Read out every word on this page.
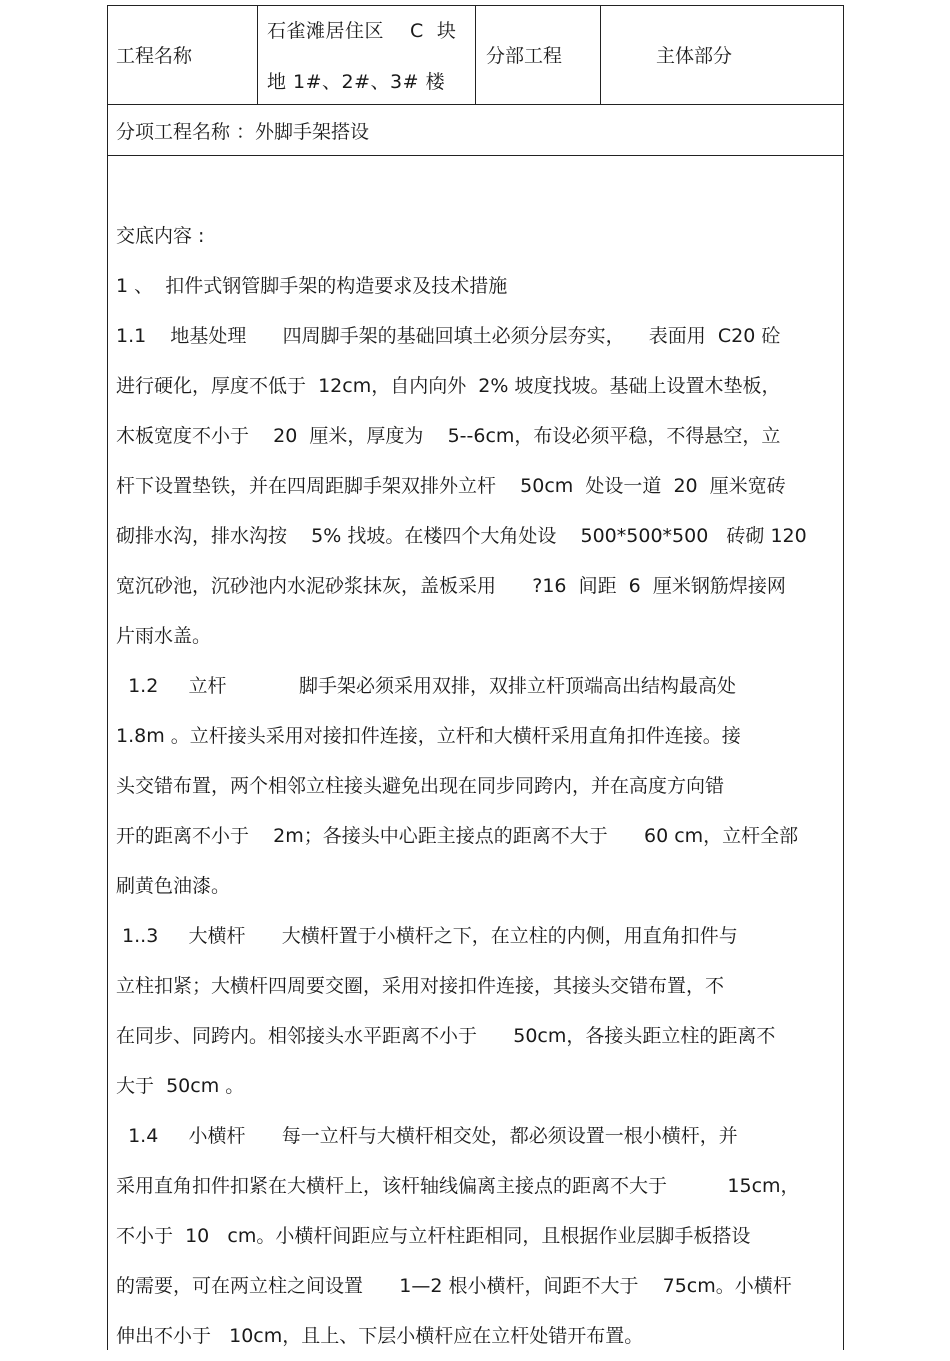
工程名称
石雀滩居住区　 C  块
地 1#、2#、3# 楼
分部工程	主体部分
分项工程名称 ：外脚手架搭设

交底内容 :

1 、  扣件式钢管脚手架的构造要求及技术措施

1.1    地基处理      四周脚手架的基础回填土必须分层夯实，    表面用  C20 砼

进行硬化，厚度不低于  12cm，自内向外  2% 坡度找坡。基础上设置木垫板，

木板宽度不小于    20  厘米，厚度为    5--6cm，布设必须平稳，不得悬空，立

杆下设置垫铁，并在四周距脚手架双排外立杆    50cm  处设一道  20  厘米宽砖

砌排水沟，排水沟按    5% 找坡。在楼四个大角处设    500*500*500   砖砌 120

宽沉砂池，沉砂池内水泥砂浆抹灰，盖板采用      ?16  间距  6  厘米钢筋焊接网

片雨水盖。

1.2     立杆            脚手架必须采用双排，双排立杆顶端高出结构最高处

1.8m 。立杆接头采用对接扣件连接，立杆和大横杆采用直角扣件连接。接

头交错布置，两个相邻立柱接头避免出现在同步同跨内，并在高度方向错

开的距离不小于    2m；各接头中心距主接点的距离不大于      60 cm，立杆全部

刷黄色油漆。

1..3     大横杆      大横杆置于小横杆之下，在立柱的内侧，用直角扣件与

立柱扣紧；大横杆四周要交圈，采用对接扣件连接，其接头交错布置，不

在同步、同跨内。相邻接头水平距离不小于      50cm，各接头距立柱的距离不

大于  50cm 。

1.4     小横杆      每一立杆与大横杆相交处，都必须设置一根小横杆，并

采用直角扣件扣紧在大横杆上，该杆轴线偏离主接点的距离不大于          15cm，

不小于  10   cm。小横杆间距应与立杆柱距相同，且根据作业层脚手板搭设

的需要，可在两立柱之间设置      1—2 根小横杆，间距不大于    75cm。小横杆

伸出不小于   10cm，且上、下层小横杆应在立杆处错开布置。
